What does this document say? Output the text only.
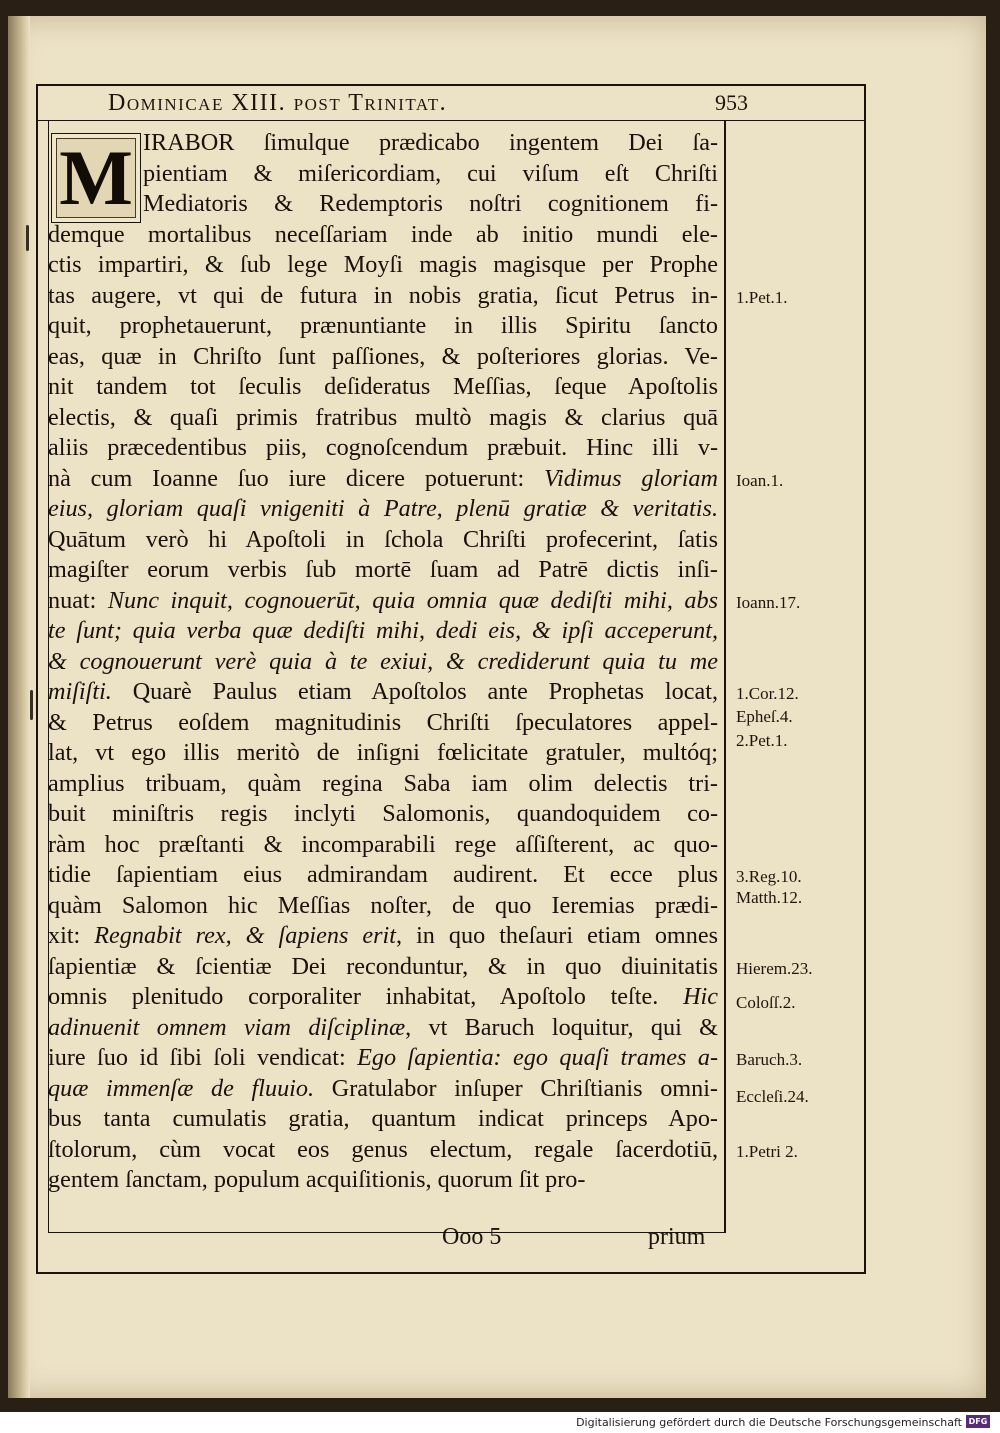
Dominicae XIII. post Trinitat.	953
M IRABOR ſimulque prædicabo ingentem Dei ſa-
pientiam & miſericordiam, cui viſum eſt Chriſti
Mediatoris & Redemptoris noſtri cognitionem fi-
demque mortalibus neceſſariam inde ab initio mundi ele-
ctis impartiri, & ſub lege Moyſi magis magisque per Prophe
tas augere, vt qui de futura in nobis gratia, ſicut Petrus in-
quit, prophetauerunt, prænuntiante in illis Spiritu ſancto
eas, quæ in Chriſto ſunt paſſiones, & poſteriores glorias. Ve-
nit tandem tot ſeculis deſideratus Meſſias, ſeque Apoſtolis
electis, & quaſi primis fratribus multò magis & clarius quā
aliis præcedentibus piis, cognoſcendum præbuit. Hinc illi v-
nà cum Ioanne ſuo iure dicere potuerunt: Vidimus gloriam
eius, gloriam quaſi vnigeniti à Patre, plenū gratiæ & veritatis.
Quātum verò hi Apoſtoli in ſchola Chriſti profecerint, ſatis
magiſter eorum verbis ſub mortē ſuam ad Patrē dictis inſi-
nuat: Nunc inquit, cognouerūt, quia omnia quæ dediſti mihi, abs
te ſunt; quia verba quæ dediſti mihi, dedi eis, & ipſi acceperunt,
& cognouerunt verè quia à te exiui, & crediderunt quia tu me
miſiſti. Quarè Paulus etiam Apoſtolos ante Prophetas locat,
& Petrus eoſdem magnitudinis Chriſti ſpeculatores appel-
lat, vt ego illis meritò de inſigni fœlicitate gratuler, multóq;
amplius tribuam, quàm regina Saba iam olim delectis tri-
buit miniſtris regis inclyti Salomonis, quandoquidem co-
ràm hoc præſtanti & incomparabili rege aſſiſterent, ac quo-
tidie ſapientiam eius admirandam audirent. Et ecce plus
quàm Salomon hic Meſſias noſter, de quo Ieremias prædi-
xit: Regnabit rex, & ſapiens erit, in quo theſauri etiam omnes
ſapientiæ & ſcientiæ Dei reconduntur, & in quo diuinitatis
omnis plenitudo corporaliter inhabitat, Apoſtolo teſte. Hic
adinuenit omnem viam diſciplinæ, vt Baruch loquitur, qui &
iure ſuo id ſibi ſoli vendicat: Ego ſapientia: ego quaſi trames a-
quæ immenſæ de fluuio. Gratulabor inſuper Chriſtianis omni-
bus tanta cumulatis gratia, quantum indicat princeps Apo-
ſtolorum, cùm vocat eos genus electum, regale ſacerdotiū,
gentem ſanctam, populum acquiſitionis, quorum ſit pro-
1.Pet.1.
Ioan.1.
Ioann.17.
1.Cor.12.
Epheſ.4.
2.Pet.1.
3.Reg.10.
Matth.12.
Hierem.23.
Coloſſ.2.
Baruch.3.
Eccleſi.24.
1.Petri 2.
Ooo 5	prium
Digitalisierung gefördert durch die Deutsche Forschungsgemeinschaft DFG
